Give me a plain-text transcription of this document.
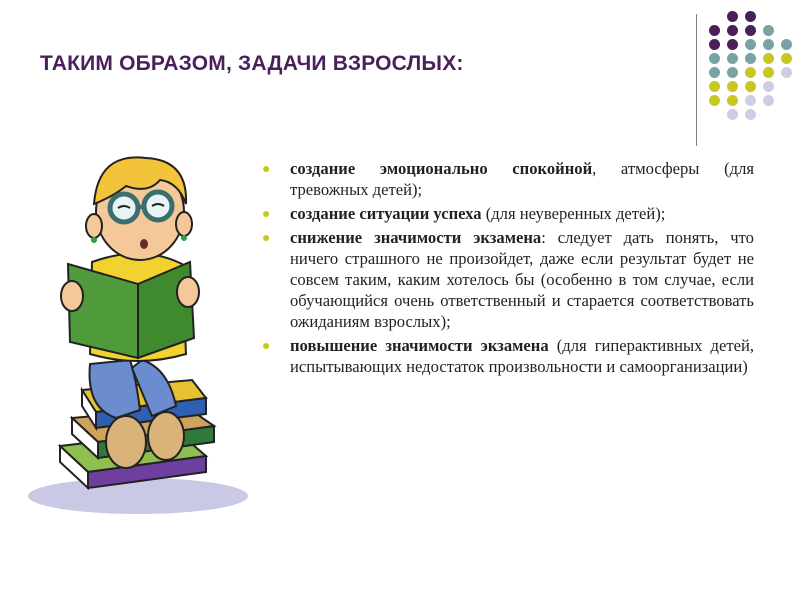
ТАКИМ ОБРАЗОМ, ЗАДАЧИ ВЗРОСЛЫХ:
● создание эмоционально спокойной, атмосферы (для тревожных детей);
● создание ситуации успеха (для неуверенных детей);
● снижение значимости экзамена: следует дать понять, что ничего страшного не произойдет, даже если результат будет не совсем таким, каким хотелось бы (особенно в том случае, если обучающийся очень ответственный и старается соответствовать ожиданиям взрослых);
● повышение значимости экзамена (для гиперактивных детей, испытывающих недостаток произвольности и самоорганизации)
